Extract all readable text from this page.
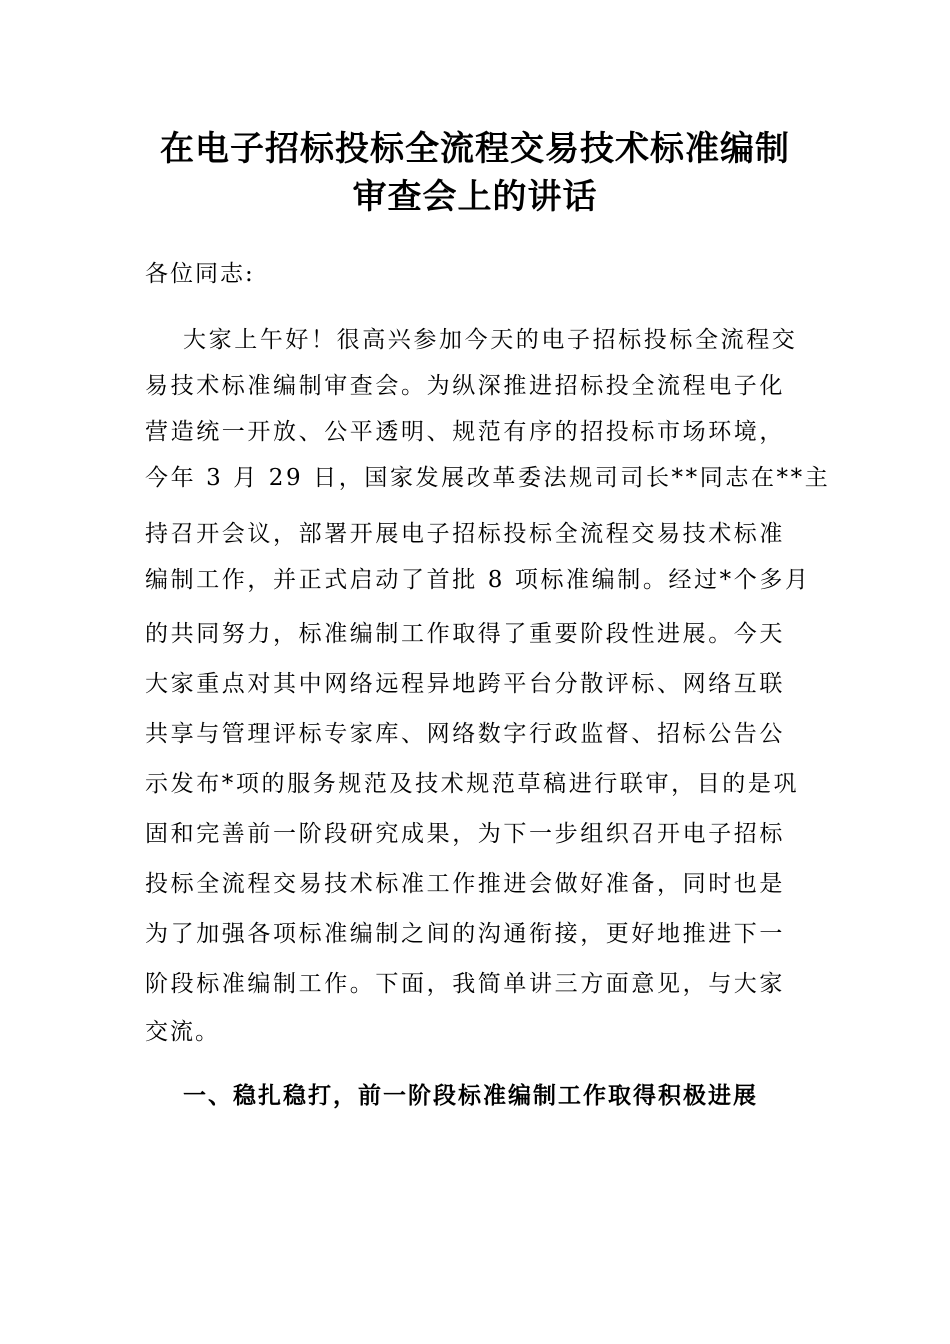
在电子招标投标全流程交易技术标准编制
审查会上的讲话

各位同志:

大家上午好！很高兴参加今天的电子招标投标全流程交

易技术标准编制审查会。为纵深推进招标投全流程电子化

营造统一开放、公平透明、规范有序的招投标市场环境，

今年 3 月 29 日，国家发展改革委法规司司长**同志在**主

持召开会议，部署开展电子招标投标全流程交易技术标准

编制工作，并正式启动了首批 8 项标准编制。经过*个多月

的共同努力，标准编制工作取得了重要阶段性进展。今天

大家重点对其中网络远程异地跨平台分散评标、网络互联

共享与管理评标专家库、网络数字行政监督、招标公告公

示发布*项的服务规范及技术规范草稿进行联审，目的是巩

固和完善前一阶段研究成果，为下一步组织召开电子招标

投标全流程交易技术标准工作推进会做好准备，同时也是

为了加强各项标准编制之间的沟通衔接，更好地推进下一

阶段标准编制工作。下面，我简单讲三方面意见，与大家

交流。

一、稳扎稳打，前一阶段标准编制工作取得积极进展
